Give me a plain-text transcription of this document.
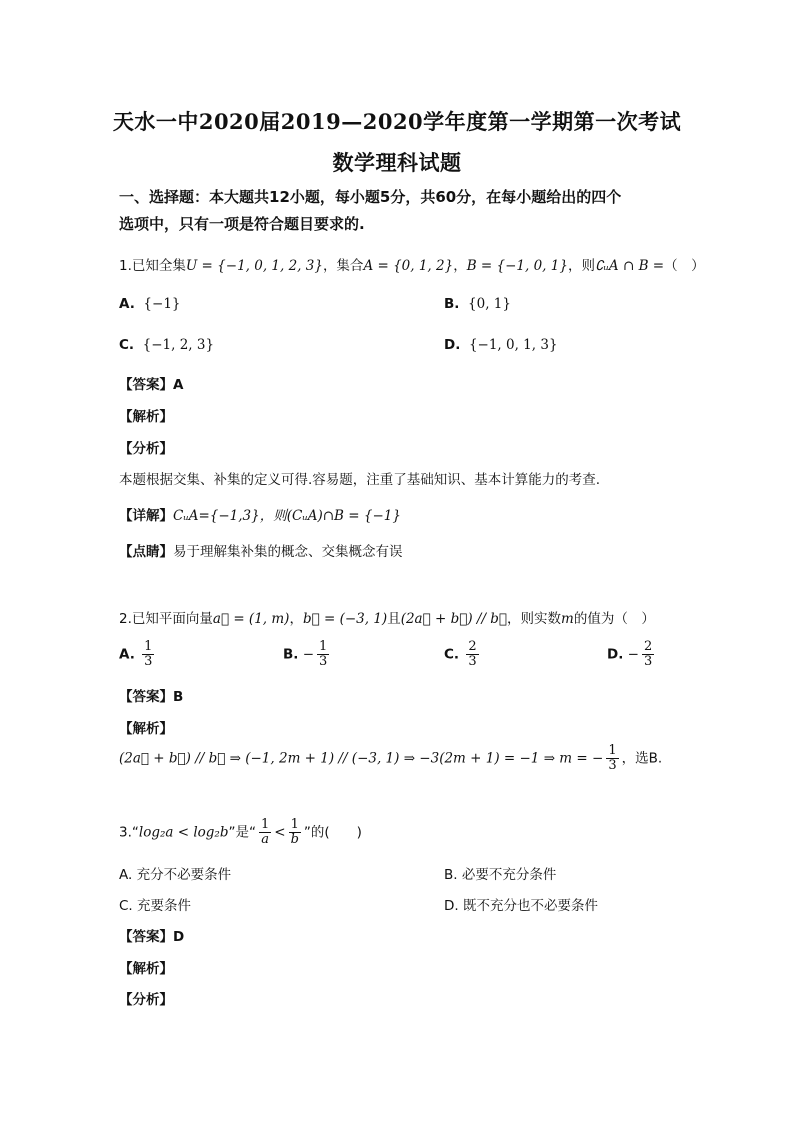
天水一中2020届2019—2020学年度第一学期第一次考试
数学理科试题
一、选择题：本大题共12小题，每小题5分，共60分，在每小题给出的四个
选项中，只有一项是符合题目要求的.
1.已知全集U = {−1, 0, 1, 2, 3}，集合A = {0, 1, 2}，B = {−1, 0, 1}，则∁ᵤA ∩ B =（　）
A. {−1}	B. {0, 1}
C. {−1, 2, 3}	D. {−1, 0, 1, 3}
【答案】A
【解析】
【分析】
本题根据交集、补集的定义可得.容易题，注重了基础知识、基本计算能力的考查.
【详解】CᵤA={−1,3}，则(CᵤA)∩B = {−1}
【点睛】易于理解集补集的概念、交集概念有误
2.已知平面向量a⃗ = (1, m)，b⃗ = (−3, 1)且(2a⃗ + b⃗) // b⃗，则实数m的值为（　）
A. $\frac{1}{3}$	B. − $\frac{1}{3}$	C. $\frac{2}{3}$	D. − $\frac{2}{3}$
【答案】B
【解析】
(2a⃗ + b⃗) // b⃗ ⇒ (−1, 2m + 1) // (−3, 1) ⇒ −3(2m + 1) = −1 ⇒ m = − $\frac{1}{3}$ ，选B.
3.“log₂a < log₂b”是“ $\frac{1}{a} < \frac{1}{b}$ ”的(　　)
A. 充分不必要条件	B. 必要不充分条件
C. 充要条件	D. 既不充分也不必要条件
【答案】D
【解析】
【分析】
